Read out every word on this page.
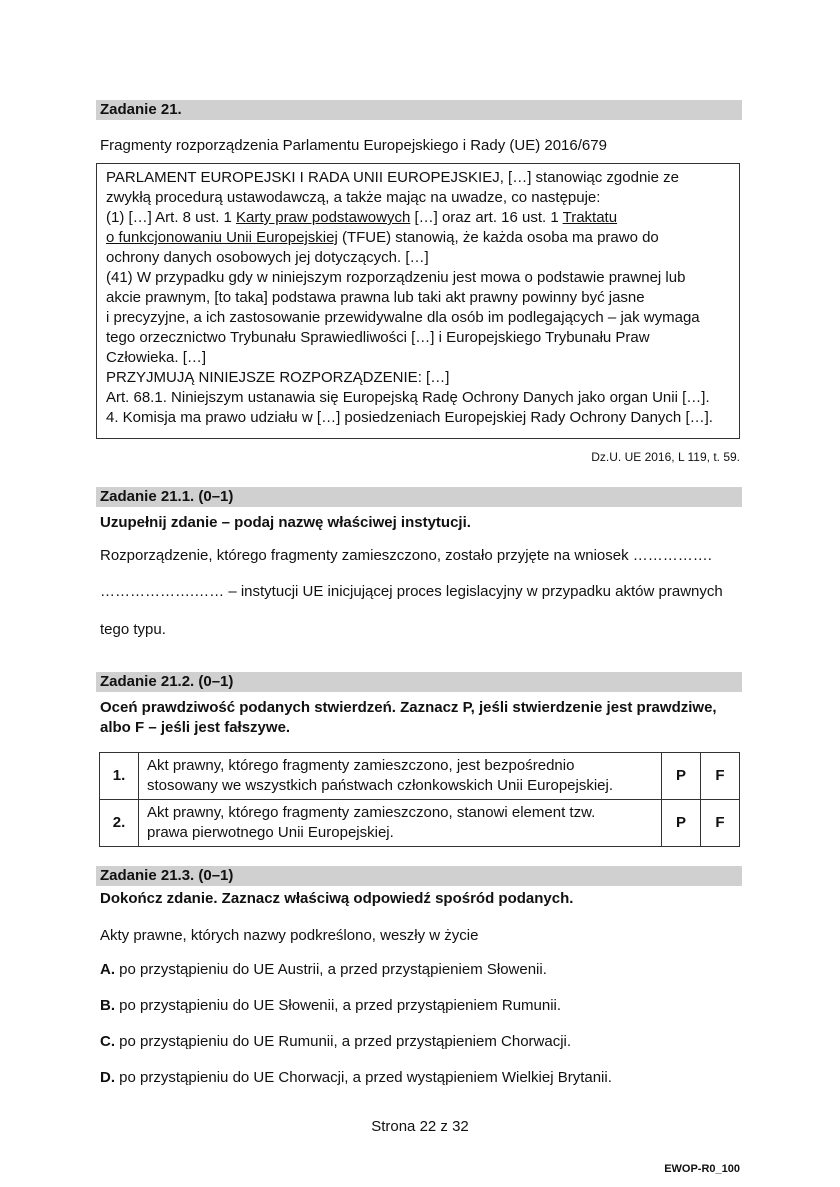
Zadanie 21.
Fragmenty rozporządzenia Parlamentu Europejskiego i Rady (UE) 2016/679
PARLAMENT EUROPEJSKI I RADA UNII EUROPEJSKIEJ, […] stanowiąc zgodnie ze
zwykłą procedurą ustawodawczą, a także mając na uwadze, co następuje:
(1) […] Art. 8 ust. 1 Karty praw podstawowych […] oraz art. 16 ust. 1 Traktatu
o funkcjonowaniu Unii Europejskiej (TFUE) stanowią, że każda osoba ma prawo do
ochrony danych osobowych jej dotyczących. […]
(41) W przypadku gdy w niniejszym rozporządzeniu jest mowa o podstawie prawnej lub
akcie prawnym, [to taka] podstawa prawna lub taki akt prawny powinny być jasne
i precyzyjne, a ich zastosowanie przewidywalne dla osób im podlegających – jak wymaga
tego orzecznictwo Trybunału Sprawiedliwości […] i Europejskiego Trybunału Praw
Człowieka. […]
PRZYJMUJĄ NINIEJSZE ROZPORZĄDZENIE: […]
Art. 68.1. Niniejszym ustanawia się Europejską Radę Ochrony Danych jako organ Unii […].
4. Komisja ma prawo udziału w […] posiedzeniach Europejskiej Rady Ochrony Danych […].
Dz.U. UE 2016, L 119, t. 59.
Zadanie 21.1. (0–1)
Uzupełnij zdanie – podaj nazwę właściwej instytucji.
Rozporządzenie, którego fragmenty zamieszczono, zostało przyjęte na wniosek …………….
……………….…… – instytucji UE inicjującej proces legislacyjny w przypadku aktów prawnych
tego typu.
Zadanie 21.2. (0–1)
Oceń prawdziwość podanych stwierdzeń. Zaznacz P, jeśli stwierdzenie jest prawdziwe,
albo F – jeśli jest fałszywe.
1.	Akt prawny, którego fragmenty zamieszczono, jest bezpośrednio
stosowany we wszystkich państwach członkowskich Unii Europejskiej.	P	F
2.	Akt prawny, którego fragmenty zamieszczono, stanowi element tzw.
prawa pierwotnego Unii Europejskiej.	P	F
Zadanie 21.3. (0–1)
Dokończ zdanie. Zaznacz właściwą odpowiedź spośród podanych.
Akty prawne, których nazwy podkreślono, weszły w życie
A. po przystąpieniu do UE Austrii, a przed przystąpieniem Słowenii.
B. po przystąpieniu do UE Słowenii, a przed przystąpieniem Rumunii.
C. po przystąpieniu do UE Rumunii, a przed przystąpieniem Chorwacji.
D. po przystąpieniu do UE Chorwacji, a przed wystąpieniem Wielkiej Brytanii.
Strona 22 z 32
EWOP-R0_100
